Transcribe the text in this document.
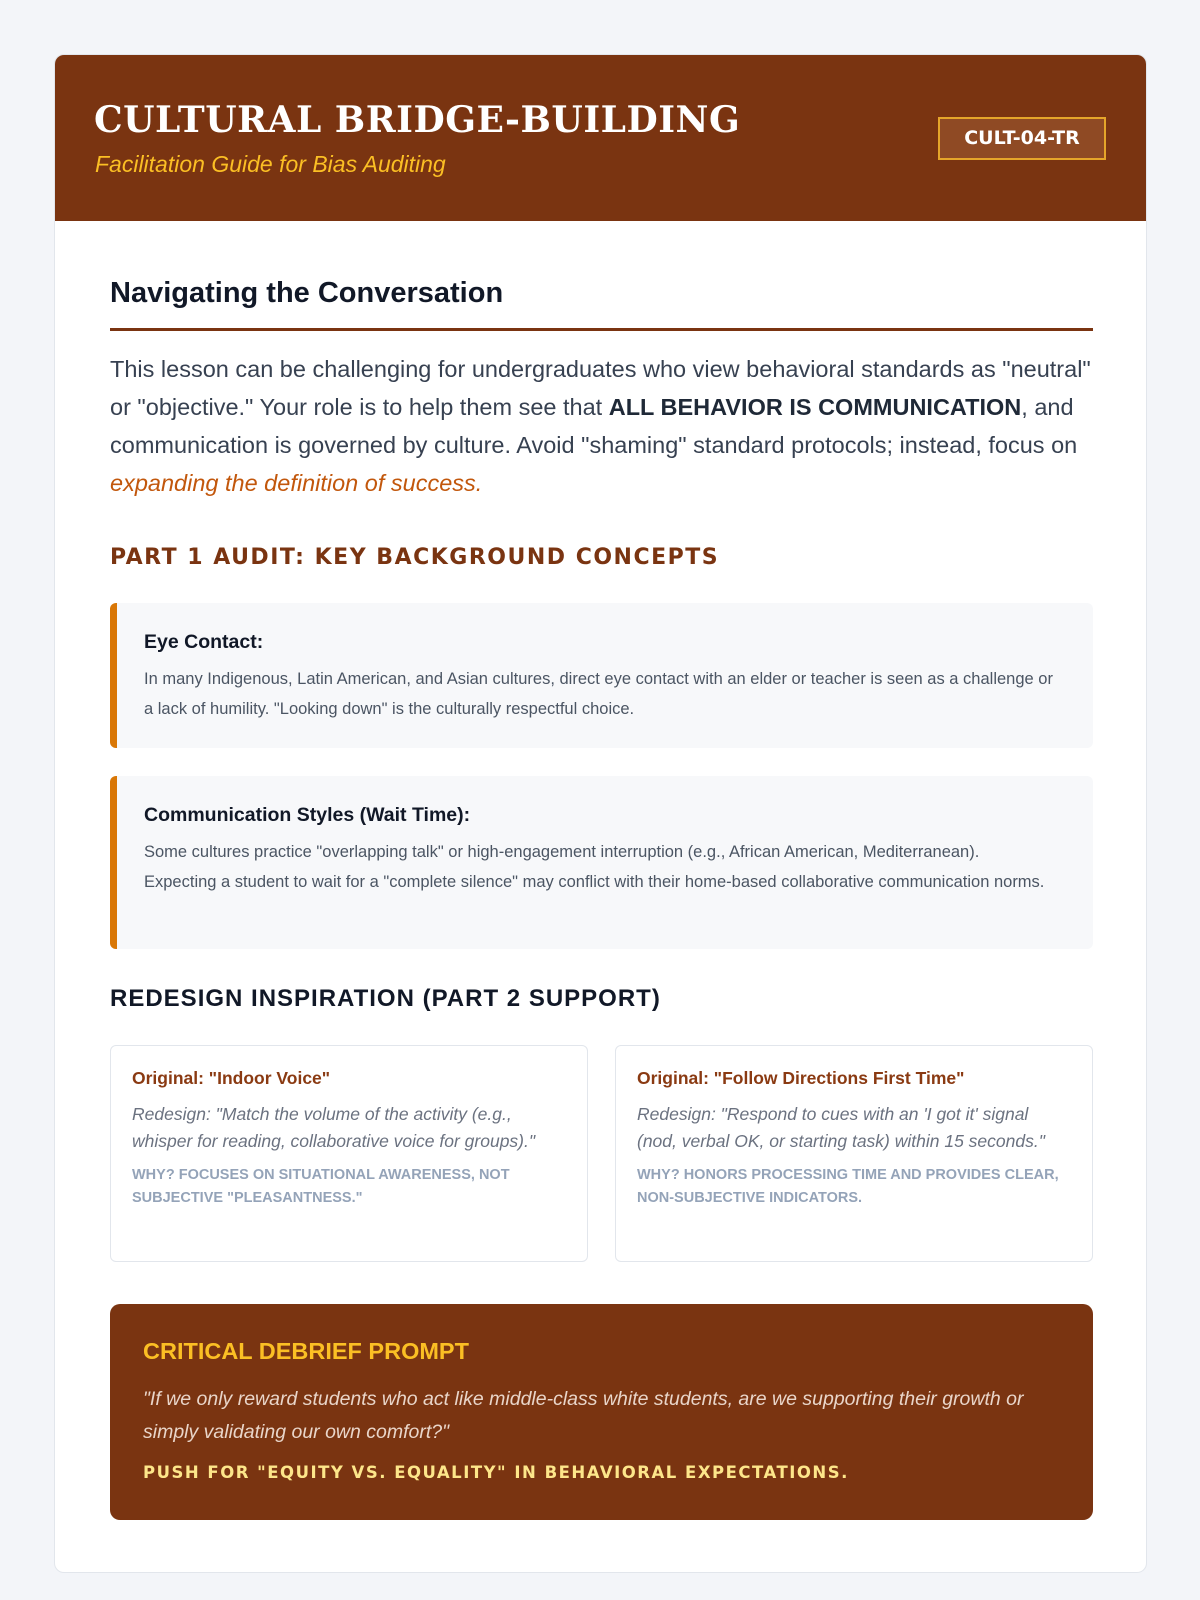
CULTURAL BRIDGE-BUILDING
Facilitation Guide for Bias Auditing
CULT-04-TR
Navigating the Conversation

This lesson can be challenging for undergraduates who view behavioral standards as "neutral" or "objective." Your role is to help them see that ALL BEHAVIOR IS COMMUNICATION, and communication is governed by culture. Avoid "shaming" standard protocols; instead, focus on expanding the definition of success.

PART 1 AUDIT: KEY BACKGROUND CONCEPTS
Eye Contact:
In many Indigenous, Latin American, and Asian cultures, direct eye contact with an elder or teacher is seen as a challenge or a lack of humility. "Looking down" is the culturally respectful choice.
Communication Styles (Wait Time):
Some cultures practice "overlapping talk" or high-engagement interruption (e.g., African American, Mediterranean). Expecting a student to wait for a "complete silence" may conflict with their home-based collaborative communication norms.
REDESIGN INSPIRATION (PART 2 SUPPORT)
Original: "Indoor Voice"
Redesign: "Match the volume of the activity (e.g., whisper for reading, collaborative voice for groups)."
WHY? FOCUSES ON SITUATIONAL AWARENESS, NOT SUBJECTIVE "PLEASANTNESS."
Original: "Follow Directions First Time"
Redesign: "Respond to cues with an 'I got it' signal (nod, verbal OK, or starting task) within 15 seconds."
WHY? HONORS PROCESSING TIME AND PROVIDES CLEAR, NON-SUBJECTIVE INDICATORS.
CRITICAL DEBRIEF PROMPT
"If we only reward students who act like middle-class white students, are we supporting their growth or simply validating our own comfort?"
PUSH FOR "EQUITY VS. EQUALITY" IN BEHAVIORAL EXPECTATIONS.
